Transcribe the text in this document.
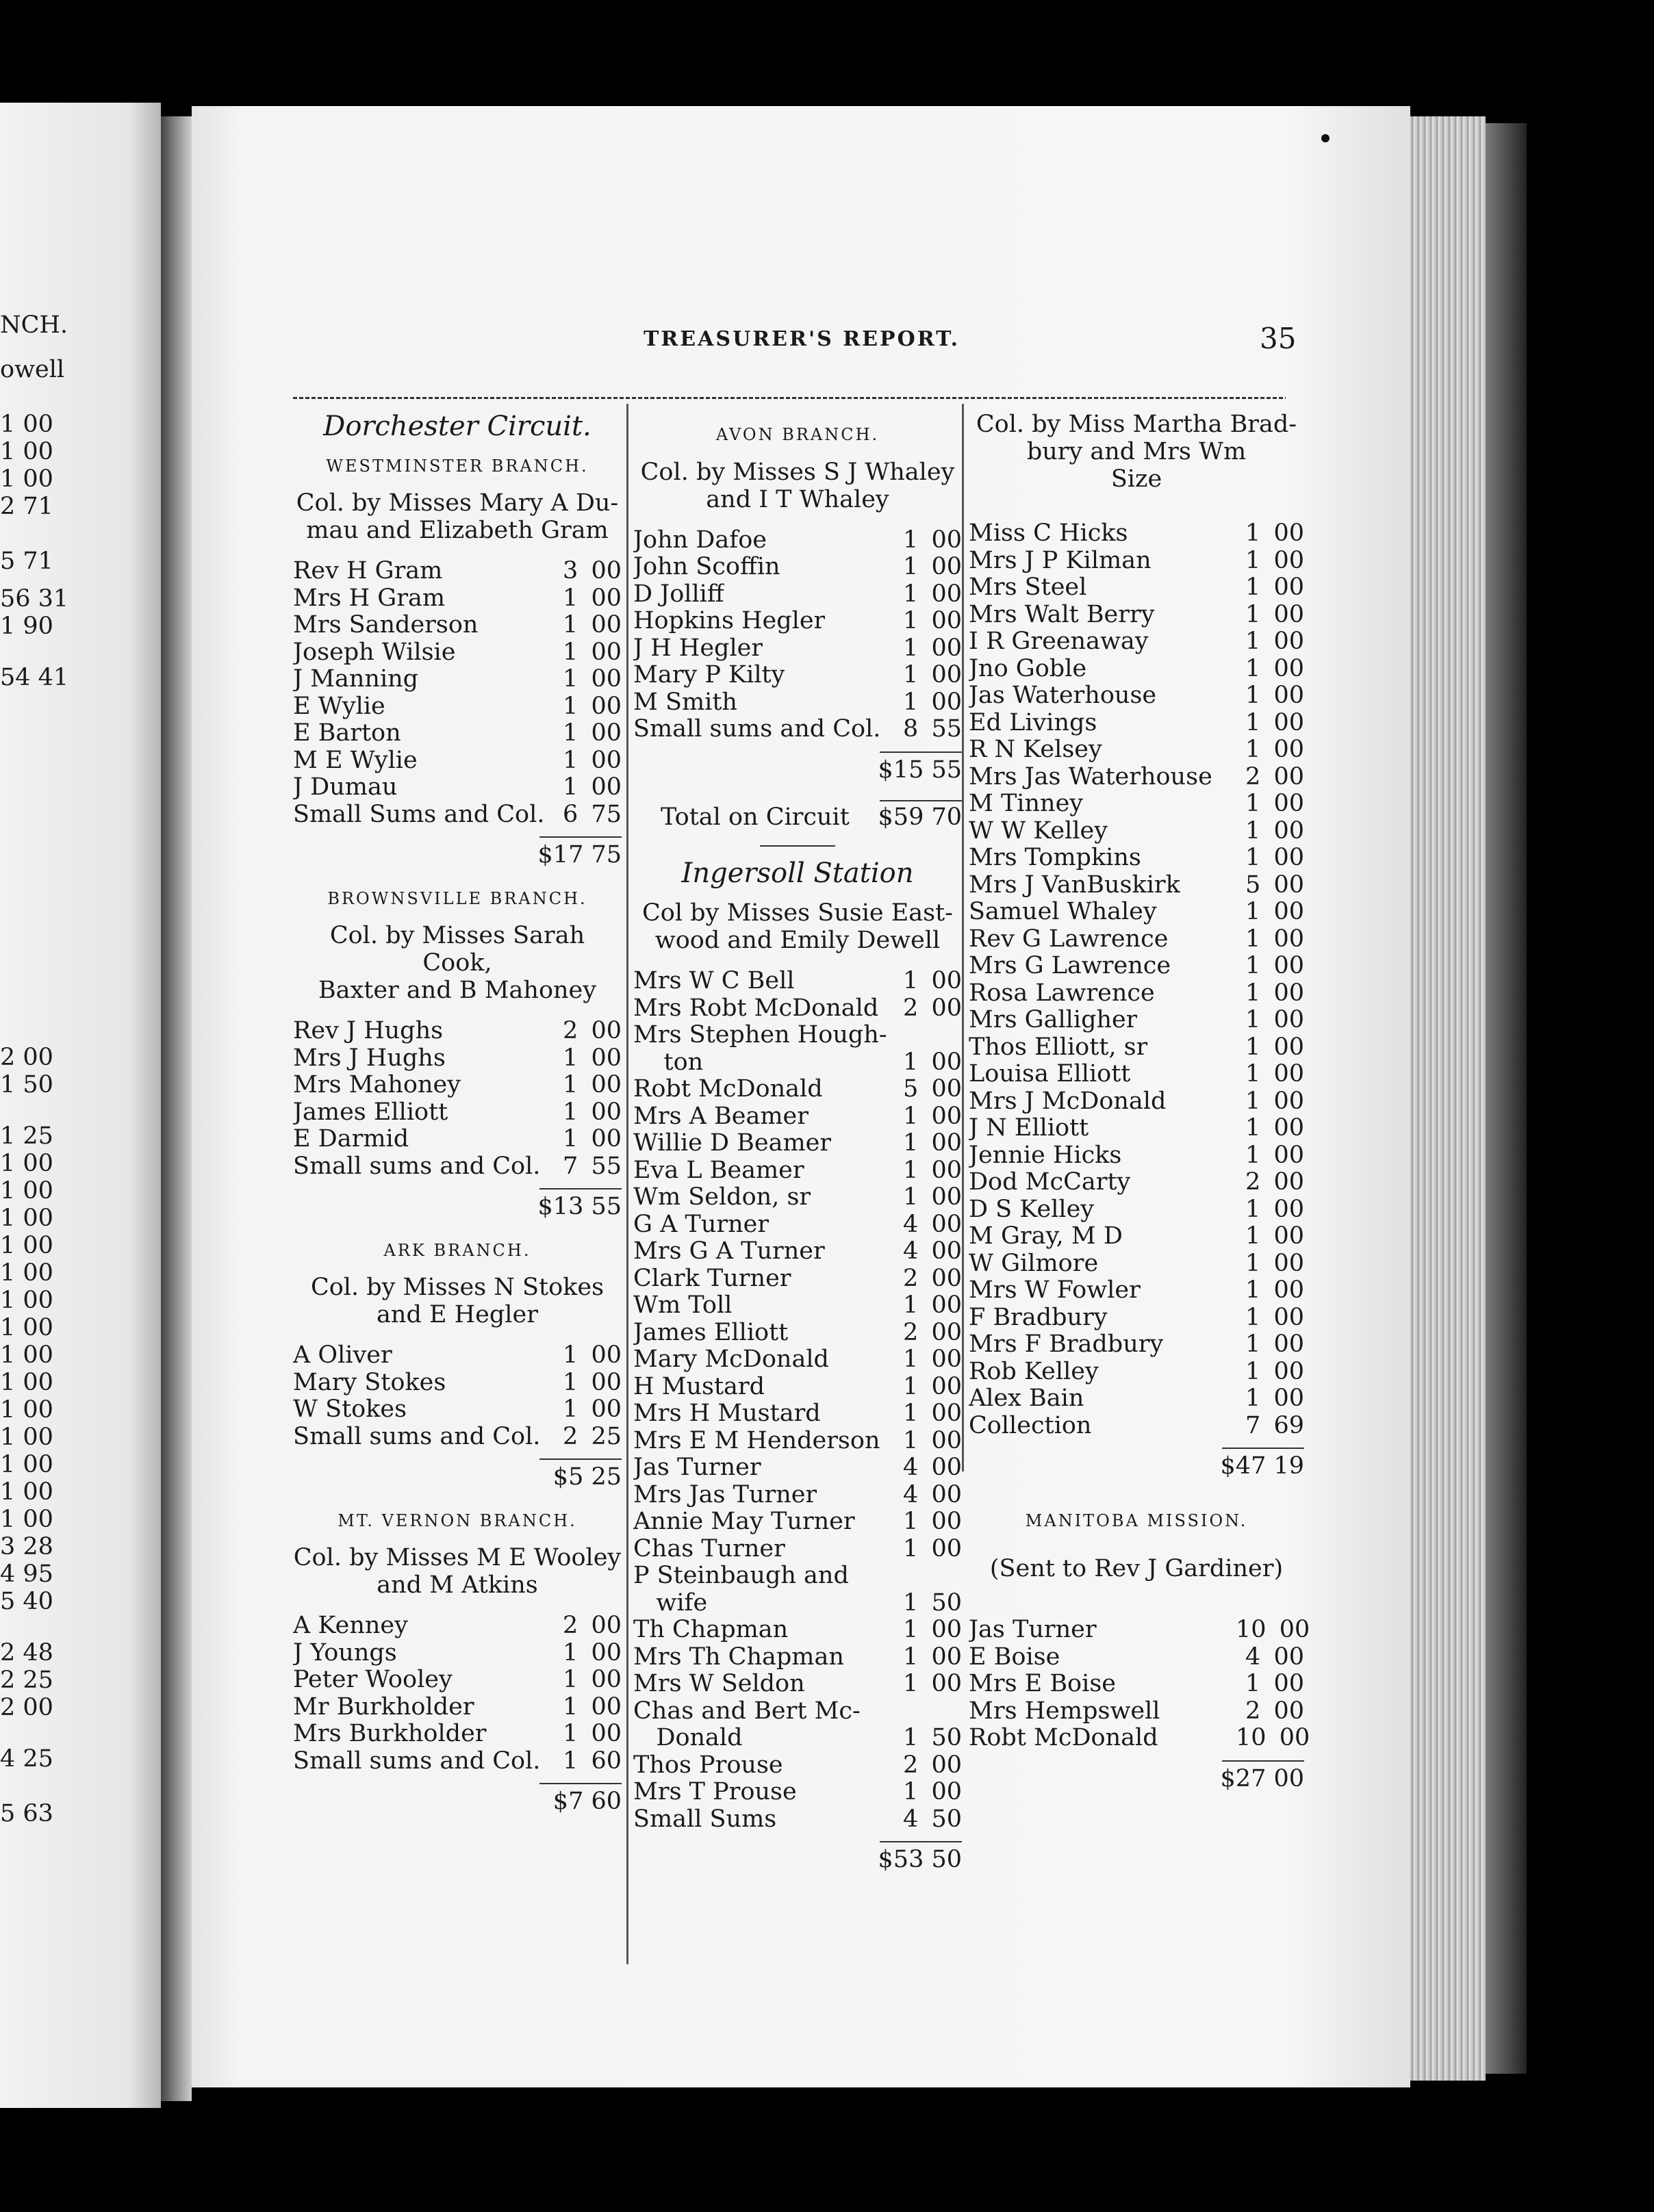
NCH.
owell
1 00
1 00
1 00
2 71
5 71
56 31
1 90
54 41
2 00
1 50
1 25
1 00
1 00
1 00
1 00
1 00
1 00
1 00
1 00
1 00
1 00
1 00
1 00
1 00
1 00
3 28
4 95
5 40
2 48
2 25
2 00
4 25
5 63
TREASURER'S REPORT.	35
Dorchester Circuit.
WESTMINSTER BRANCH.
Col. by Misses Mary A Du-
mau and Elizabeth Gram
Rev H Gram	3 00
Mrs H Gram	1 00
Mrs Sanderson	1 00
Joseph Wilsie	1 00
J Manning	1 00
E Wylie	1 00
E Barton	1 00
M E Wylie	1 00
J Dumau	1 00
Small Sums and Col. 6 75
$17 75
BROWNSVILLE BRANCH.
Col. by Misses Sarah Cook,
Baxter and B Mahoney
Rev J Hughs	2 00
Mrs J Hughs	1 00
Mrs Mahoney	1 00
James Elliott	1 00
E Darmid	1 00
Small sums and Col. 7 55
$13 55
ARK BRANCH.
Col. by Misses N Stokes
and E Hegler
A Oliver	1 00
Mary Stokes	1 00
W Stokes	1 00
Small sums and Col. 2 25
$5 25
MT. VERNON BRANCH.
Col. by Misses M E Wooley
and M Atkins
A Kenney	2 00
J Youngs	1 00
Peter Wooley	1 00
Mr Burkholder	1 00
Mrs Burkholder	1 00
Small sums and Col. 1 60
$7 60
AVON BRANCH.
Col. by Misses S J Whaley
and I T Whaley
John Dafoe	1 00
John Scoffin	1 00
D Jolliff	1 00
Hopkins Hegler	1 00
J H Hegler	1 00
Mary P Kilty	1 00
M Smith	1 00
Small sums and Col. 8 55
$15 55
Total on Circuit $59 70
Ingersoll Station
Col by Misses Susie East-
wood and Emily Dewell
Mrs W C Bell	1 00
Mrs Robt McDonald	2 00
Mrs Stephen Hough-
ton	1 00
Robt McDonald	5 00
Mrs A Beamer	1 00
Willie D Beamer	1 00
Eva L Beamer	1 00
Wm Seldon, sr	1 00
G A Turner	4 00
Mrs G A Turner	4 00
Clark Turner	2 00
Wm Toll	1 00
James Elliott	2 00
Mary McDonald	1 00
H Mustard	1 00
Mrs H Mustard	1 00
Mrs E M Henderson 1 00
Jas Turner	4 00
Mrs Jas Turner	4 00
Annie May Turner	1 00
Chas Turner	1 00
P Steinbaugh and
wife	1 50
Th Chapman	1 00
Mrs Th Chapman	1 00
Mrs W Seldon	1 00
Chas and Bert Mc-
Donald	1 50
Thos Prouse	2 00
Mrs T Prouse	1 00
Small Sums	4 50
$53 50
Col. by Miss Martha Brad-
bury and Mrs Wm
Size
Miss C Hicks	1 00
Mrs J P Kilman	1 00
Mrs Steel	1 00
Mrs Walt Berry	1 00
I R Greenaway	1 00
Jno Goble	1 00
Jas Waterhouse	1 00
Ed Livings	1 00
R N Kelsey	1 00
Mrs Jas Waterhouse	2 00
M Tinney	1 00
W W Kelley	1 00
Mrs Tompkins	1 00
Mrs J VanBuskirk	5 00
Samuel Whaley	1 00
Rev G Lawrence	1 00
Mrs G Lawrence	1 00
Rosa Lawrence	1 00
Mrs Galligher	1 00
Thos Elliott, sr	1 00
Louisa Elliott	1 00
Mrs J McDonald	1 00
J N Elliott	1 00
Jennie Hicks	1 00
Dod McCarty	2 00
D S Kelley	1 00
M Gray, M D	1 00
W Gilmore	1 00
Mrs W Fowler	1 00
F Bradbury	1 00
Mrs F Bradbury	1 00
Rob Kelley	1 00
Alex Bain	1 00
Collection	7 69
$47 19
MANITOBA MISSION.
(Sent to Rev J Gardiner)
Jas Turner	10 00
E Boise	4 00
Mrs E Boise	1 00
Mrs Hempswell	2 00
Robt McDonald	10 00
$27 00
